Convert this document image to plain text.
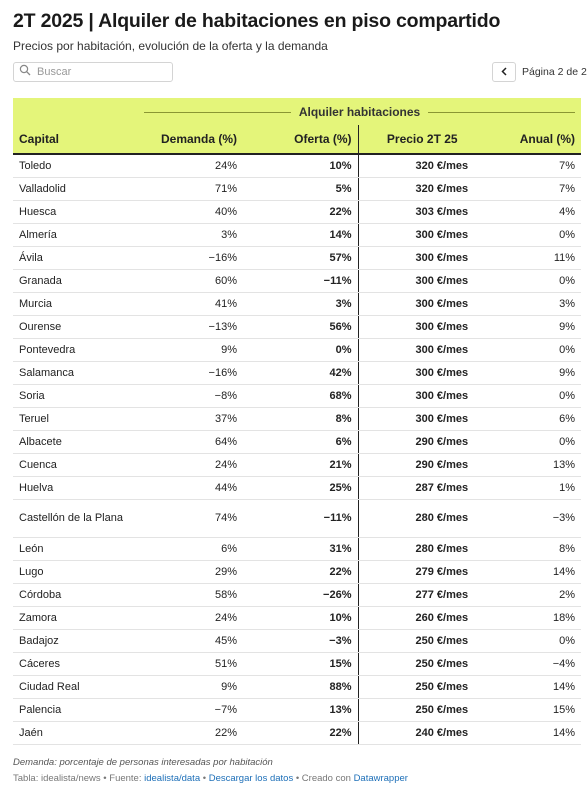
2T 2025 | Alquiler de habitaciones en piso compartido
Precios por habitación, evolución de la oferta y la demanda
Buscar
Página 2 de 2

	Alquiler habitaciones			

Capital	Demanda (%)	Oferta (%)	Precio 2T 25	Anual (%)
Toledo	24%	10%	320 €/mes	7%
Valladolid	71%	5%	320 €/mes	7%
Huesca	40%	22%	303 €/mes	4%
Almería	3%	14%	300 €/mes	0%
Ávila	−16%	57%	300 €/mes	11%
Granada	60%	−11%	300 €/mes	0%
Murcia	41%	3%	300 €/mes	3%
Ourense	−13%	56%	300 €/mes	9%
Pontevedra	9%	0%	300 €/mes	0%
Salamanca	−16%	42%	300 €/mes	9%
Soria	−8%	68%	300 €/mes	0%
Teruel	37%	8%	300 €/mes	6%
Albacete	64%	6%	290 €/mes	0%
Cuenca	24%	21%	290 €/mes	13%
Huelva	44%	25%	287 €/mes	1%
Castellón de la Plana	74%	−11%	280 €/mes	−3%
León	6%	31%	280 €/mes	8%
Lugo	29%	22%	279 €/mes	14%
Córdoba	58%	−26%	277 €/mes	2%
Zamora	24%	10%	260 €/mes	18%
Badajoz	45%	−3%	250 €/mes	0%
Cáceres	51%	15%	250 €/mes	−4%
Ciudad Real	9%	88%	250 €/mes	14%
Palencia	−7%	13%	250 €/mes	15%
Jaén	22%	22%	240 €/mes	14%
Demanda: porcentaje de personas interesadas por habitación
Tabla: idealista/news • Fuente: idealista/data • Descargar los datos • Creado con Datawrapper
